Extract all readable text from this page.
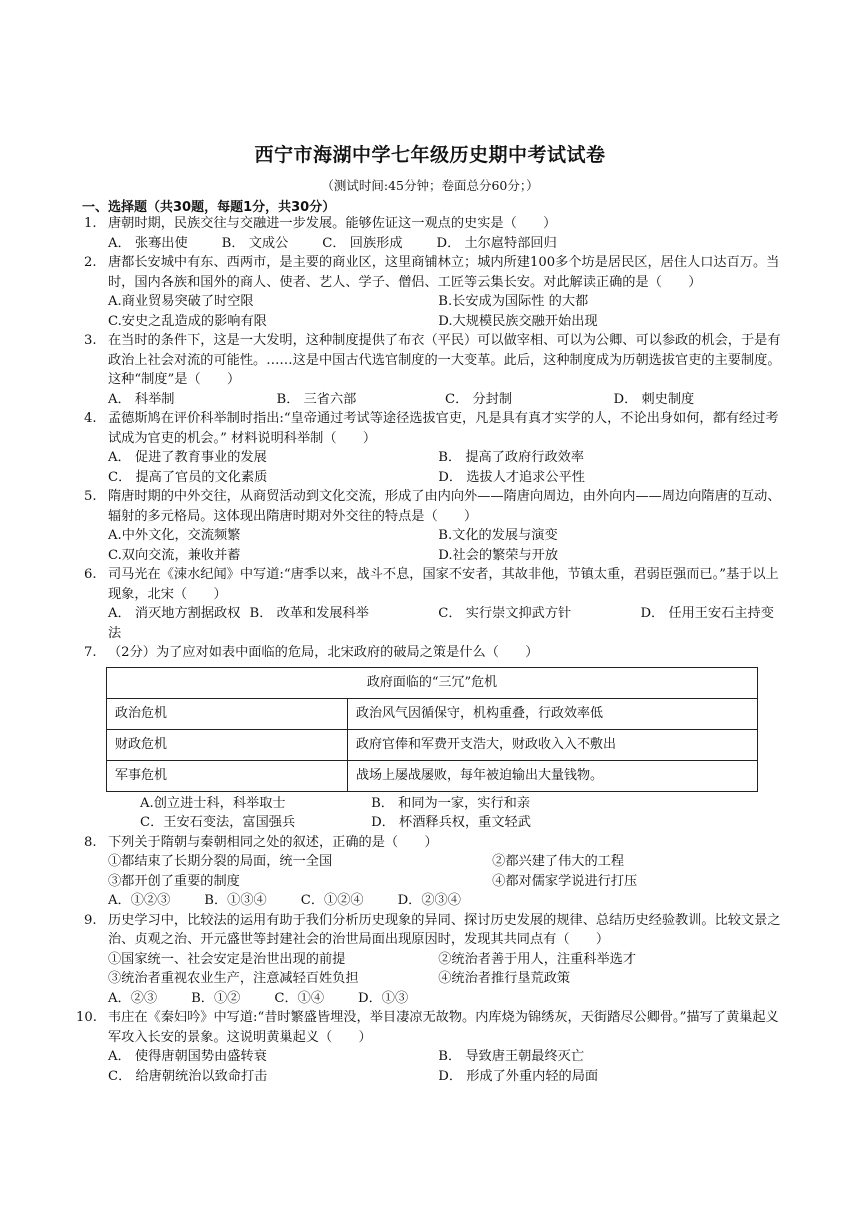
西宁市海湖中学七年级历史期中考试试卷
（测试时间:45分钟；卷面总分60分；）
一、选择题（共30题，每题1分，共30分）
1. 唐朝时期，民族交往与交融进一步发展。能够佐证这一观点的史实是（　　）
A． 张骞出使	B． 文成公	C． 回族形成	D． 土尔扈特部回归
2. 唐都长安城中有东、西两市，是主要的商业区，这里商铺林立；城内所建100多个坊是居民区，居住人口达百万。当时，国内各族和国外的商人、使者、艺人、学子、僧侣、工匠等云集长安。对此解读正确的是（　　）
A.商业贸易突破了时空限	B.长安成为国际性 的大都
C.安史之乱造成的影响有限	D.大规模民族交融开始出现
3. 在当时的条件下，这是一大发明，这种制度提供了布衣（平民）可以做宰相、可以为公卿、可以参政的机会，于是有政治上社会对流的可能性。……这是中国古代选官制度的一大变革。此后，这种制度成为历朝选拔官吏的主要制度。这种“制度”是（　　）
A． 科举制	B． 三省六部	C． 分封制	D． 刺史制度
4. 孟德斯鸠在评价科举制时指出:“皇帝通过考试等途径选拔官吏，凡是具有真才实学的人，不论出身如何，都有经过考试成为官吏的机会。” 材料说明科举制（　　）
A． 促进了教育事业的发展	B． 提高了政府行政效率
C． 提高了官员的文化素质	D． 选拔人才追求公平性
5. 隋唐时期的中外交往，从商贸活动到文化交流，形成了由内向外——隋唐向周边，由外向内——周边向隋唐的互动、辐射的多元格局。这体现出隋唐时期对外交往的特点是（　　）
A.中外文化，交流频繁	B.文化的发展与演变
C.双向交流，兼收并蓄	D.社会的繁荣与开放
6. 司马光在《涑水纪闻》中写道:“唐季以来，战斗不息，国家不安者，其故非他，节镇太重，君弱臣强而已。”基于以上现象，北宋（　　）
A． 消灭地方割据政权 B． 改革和发展科举	C． 实行崇文抑武方针	D． 任用王安石主持变
法
7. （2分）为了应对如表中面临的危局，北宋政府的破局之策是什么（　　）
政府面临的“三冗”危机	
政治危机	政治风气因循保守，机构重叠，行政效率低
财政危机	政府官俸和军费开支浩大，财政收入入不敷出
军事危机	战场上屡战屡败，每年被迫输出大量钱物。
A.创立进士科，科举取士	B． 和同为一家，实行和亲
C．王安石变法，富国强兵	D． 杯酒释兵权，重文轻武
8. 下列关于隋朝与秦朝相同之处的叙述，正确的是（　　）
①都结束了长期分裂的局面，统一全国	②都兴建了伟大的工程
③都开创了重要的制度	④都对儒家学说进行打压
A．①②③	B．①③④	C．①②④	D．②③④
9. 历史学习中，比较法的运用有助于我们分析历史现象的异同、探讨历史发展的规律、总结历史经验教训。比较文景之治、贞观之治、开元盛世等封建社会的治世局面出现原因时，发现其共同点有（　　）
①国家统一、社会安定是治世出现的前提	②统治者善于用人，注重科举选才
③统治者重视农业生产，注意减轻百姓负担	④统治者推行垦荒政策
A．②③	B．①②	C．①④	D．①③
10. 韦庄在《秦妇吟》中写道:“昔时繁盛皆埋没，举目凄凉无故物。内库烧为锦绣灰，天街踏尽公卿骨。”描写了黄巢起义军攻入长安的景象。这说明黄巢起义（　　）
A． 使得唐朝国势由盛转衰	B． 导致唐王朝最终灭亡
C． 给唐朝统治以致命打击	D． 形成了外重内轻的局面
